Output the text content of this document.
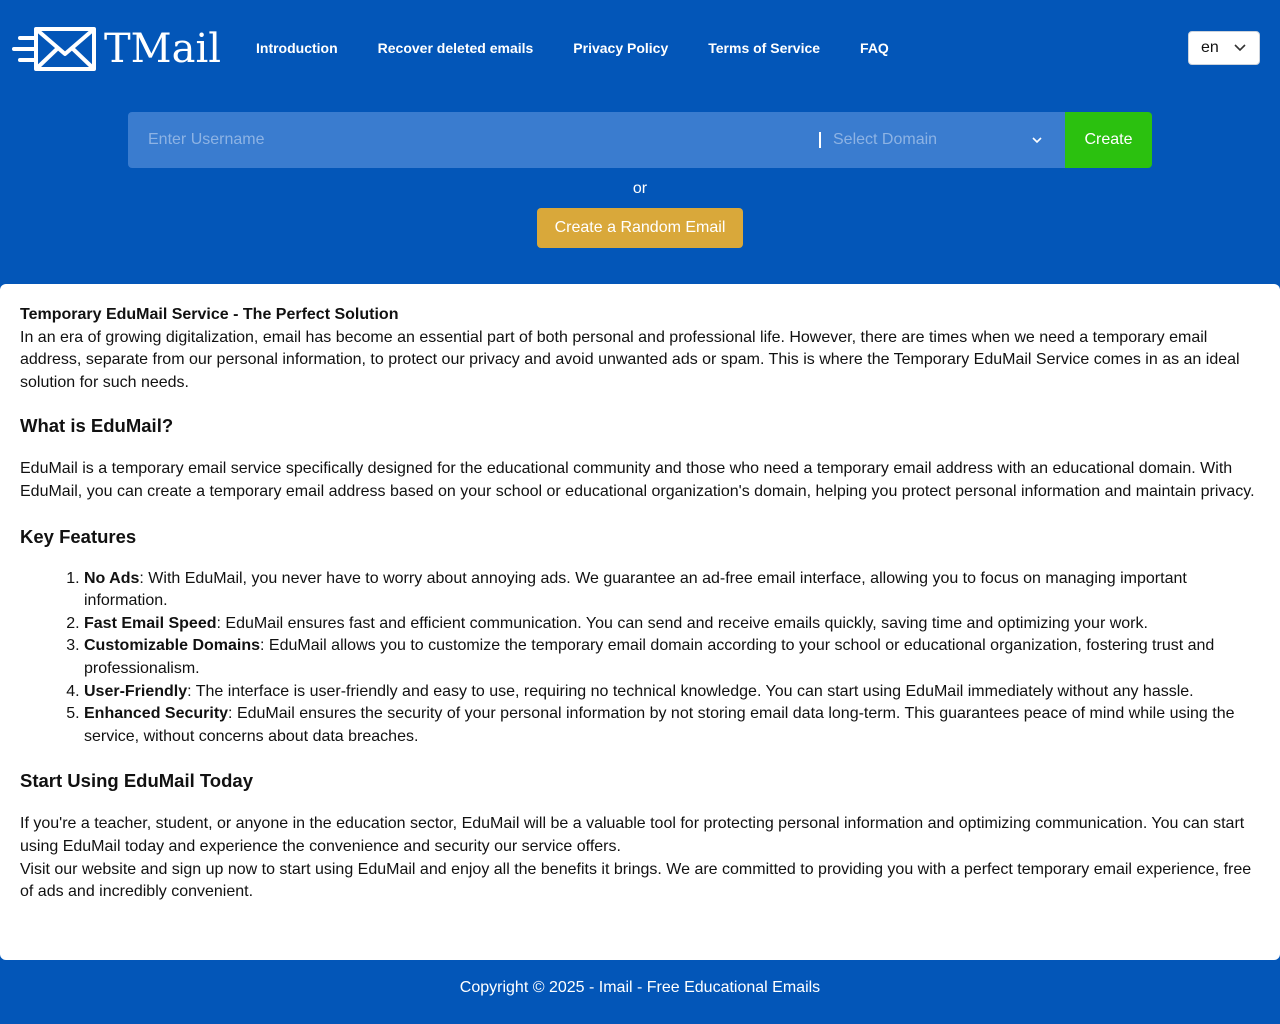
TMail Introduction	Recover deleted emails	Privacy Policy	Terms of Service	FAQ	en
Enter Username
Select Domain	Create
or
Create a Random Email

Temporary EduMail Service - The Perfect Solution

In an era of growing digitalization, email has become an essential part of both personal and professional life. However, there are times when we need a temporary email address, separate from our personal information, to protect our privacy and avoid unwanted ads or spam. This is where the Temporary EduMail Service comes in as an ideal solution for such needs.

What is EduMail?

EduMail is a temporary email service specifically designed for the educational community and those who need a temporary email address with an educational domain. With EduMail, you can create a temporary email address based on your school or educational organization's domain, helping you protect personal information and maintain privacy.

Key Features
1. No Ads: With EduMail, you never have to worry about annoying ads. We guarantee an ad-free email interface, allowing you to focus on managing important information.
2. Fast Email Speed: EduMail ensures fast and efficient communication. You can send and receive emails quickly, saving time and optimizing your work.
3. Customizable Domains: EduMail allows you to customize the temporary email domain according to your school or educational organization, fostering trust and professionalism.
4. User-Friendly: The interface is user-friendly and easy to use, requiring no technical knowledge. You can start using EduMail immediately without any hassle.
5. Enhanced Security: EduMail ensures the security of your personal information by not storing email data long-term. This guarantees peace of mind while using the service, without concerns about data breaches.
Start Using EduMail Today

If you're a teacher, student, or anyone in the education sector, EduMail will be a valuable tool for protecting personal information and optimizing communication. You can start using EduMail today and experience the convenience and security our service offers.

Visit our website and sign up now to start using EduMail and enjoy all the benefits it brings. We are committed to providing you with a perfect temporary email experience, free of ads and incredibly convenient.

Copyright © 2025 - Imail - Free Educational Emails
